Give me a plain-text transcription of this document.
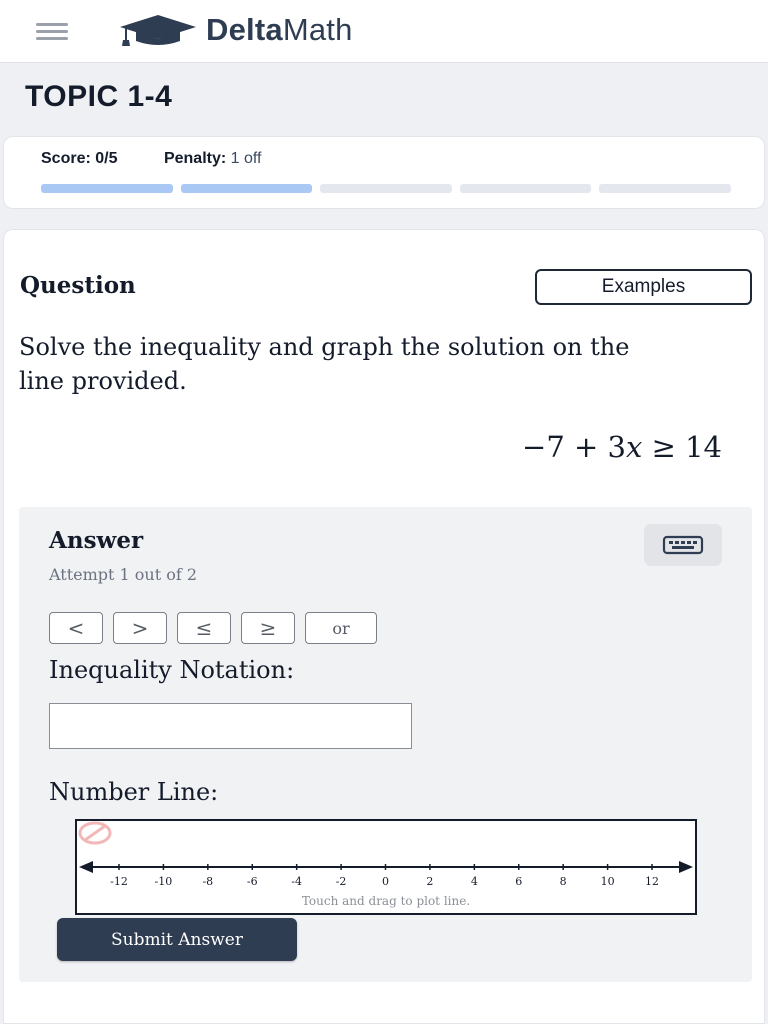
DeltaMath
TOPIC 1-4
Score: 0/5	Penalty: 1 off
Question	Examples
Solve the inequality and graph the solution on the line provided.
−7 + 3x ≥ 14
Answer
Attempt 1 out of 2
<	>	≤	≥	or
Inequality Notation:
Number Line:
-12 -10	-8	-6	-4	-2	0	2	4	6	8	10	12
Touch and drag to plot line.
Submit Answer
